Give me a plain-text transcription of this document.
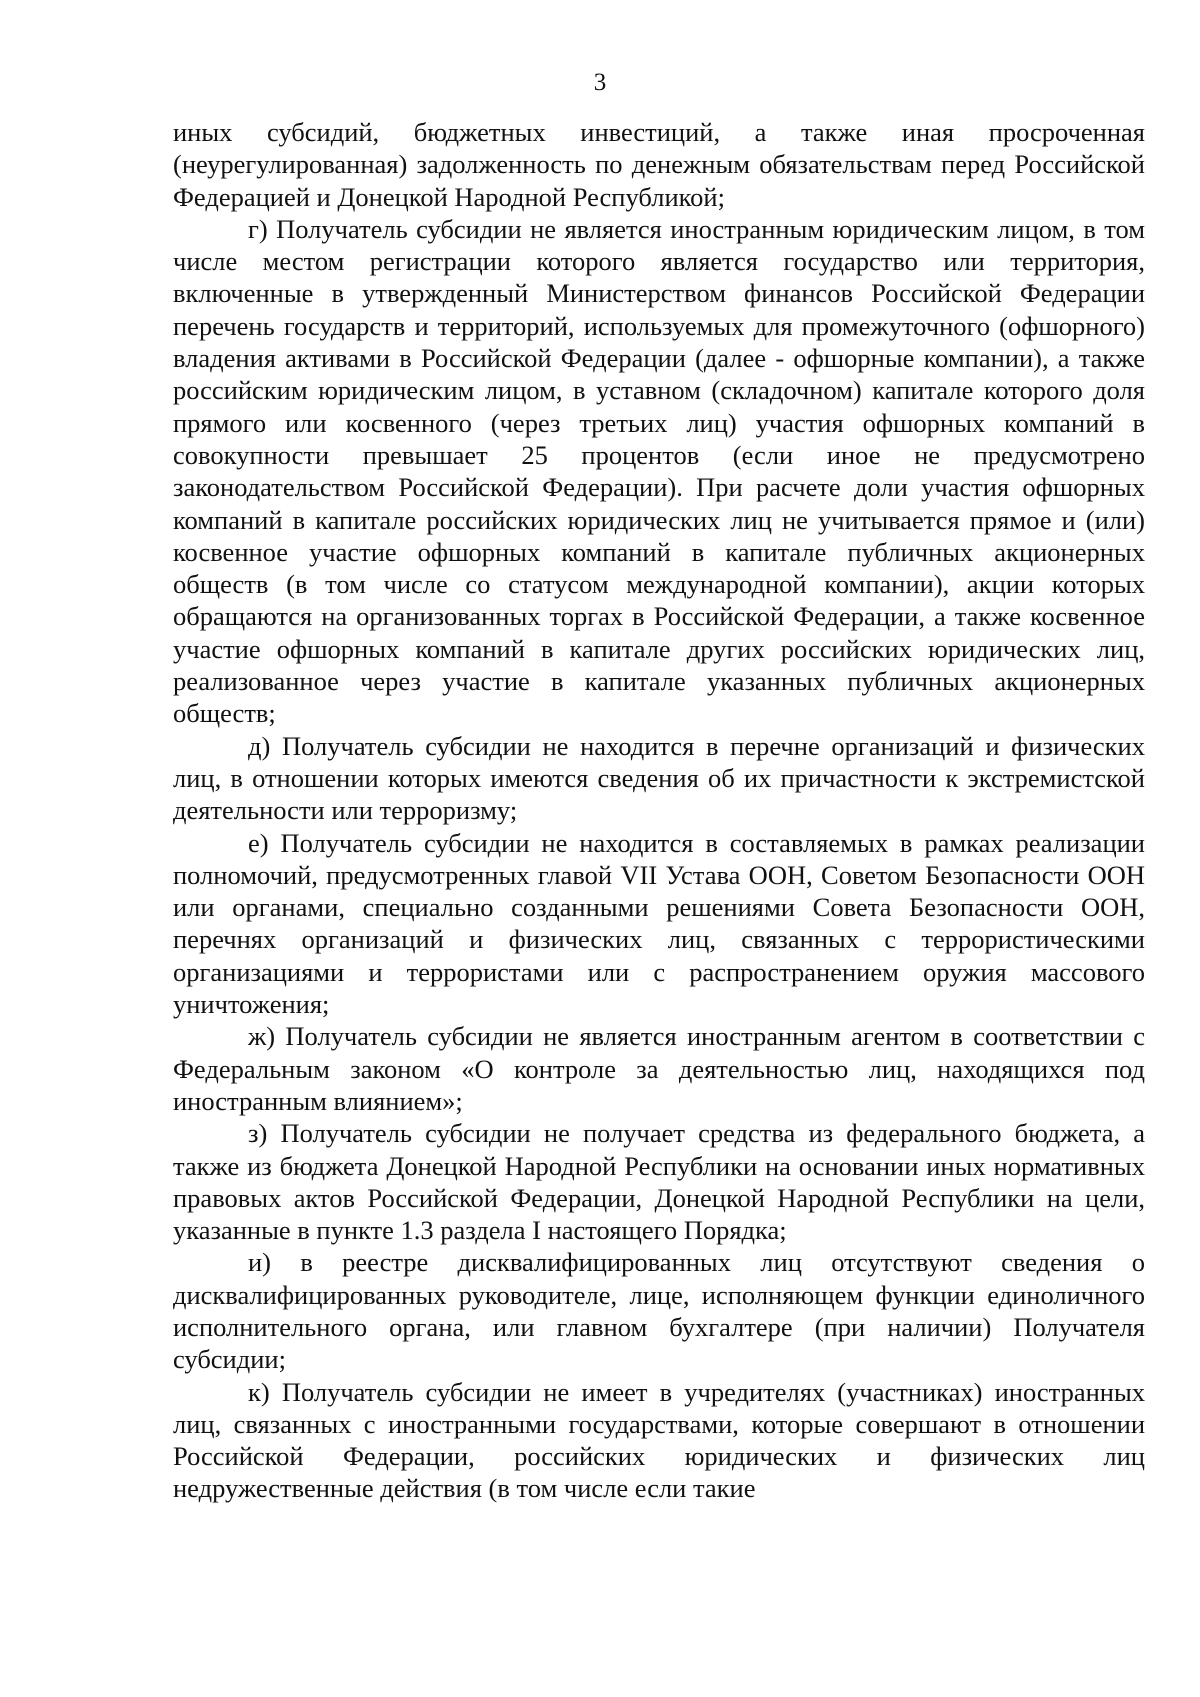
3

иных субсидий, бюджетных инвестиций, а также иная просроченная (неурегулированная) задолженность по денежным обязательствам перед Российской Федерацией и Донецкой Народной Республикой;

г) Получатель субсидии не является иностранным юридическим лицом, в том числе местом регистрации которого является государство или территория, включенные в утвержденный Министерством финансов Российской Федерации перечень государств и территорий, используемых для промежуточного (офшорного) владения активами в Российской Федерации (далее - офшорные компании), а также российским юридическим лицом, в уставном (складочном) капитале которого доля прямого или косвенного (через третьих лиц) участия офшорных компаний в совокупности превышает 25 процентов (если иное не предусмотрено законодательством Российской Федерации). При расчете доли участия офшорных компаний в капитале российских юридических лиц не учитывается прямое и (или) косвенное участие офшорных компаний в капитале публичных акционерных обществ (в том числе со статусом международной компании), акции которых обращаются на организованных торгах в Российской Федерации, а также косвенное участие офшорных компаний в капитале других российских юридических лиц, реализованное через участие в капитале указанных публичных акционерных обществ;

д) Получатель субсидии не находится в перечне организаций и физических лиц, в отношении которых имеются сведения об их причастности к экстремистской деятельности или терроризму;

е) Получатель субсидии не находится в составляемых в рамках реализации полномочий, предусмотренных главой VII Устава ООН, Советом Безопасности ООН или органами, специально созданными решениями Совета Безопасности ООН, перечнях организаций и физических лиц, связанных с террористическими организациями и террористами или с распространением оружия массового уничтожения;

ж) Получатель субсидии не является иностранным агентом в соответствии с Федеральным законом «О контроле за деятельностью лиц, находящихся под иностранным влиянием»;

з) Получатель субсидии не получает средства из федерального бюджета, а также из бюджета Донецкой Народной Республики на основании иных нормативных правовых актов Российской Федерации, Донецкой Народной Республики на цели, указанные в пункте 1.3 раздела I настоящего Порядка;

и) в реестре дисквалифицированных лиц отсутствуют сведения о дисквалифицированных руководителе, лице, исполняющем функции единоличного исполнительного органа, или главном бухгалтере (при наличии) Получателя субсидии;

к) Получатель субсидии не имеет в учредителях (участниках) иностранных лиц, связанных с иностранными государствами, которые совершают в отношении Российской Федерации, российских юридических и физических лиц недружественные действия (в том числе если такие
